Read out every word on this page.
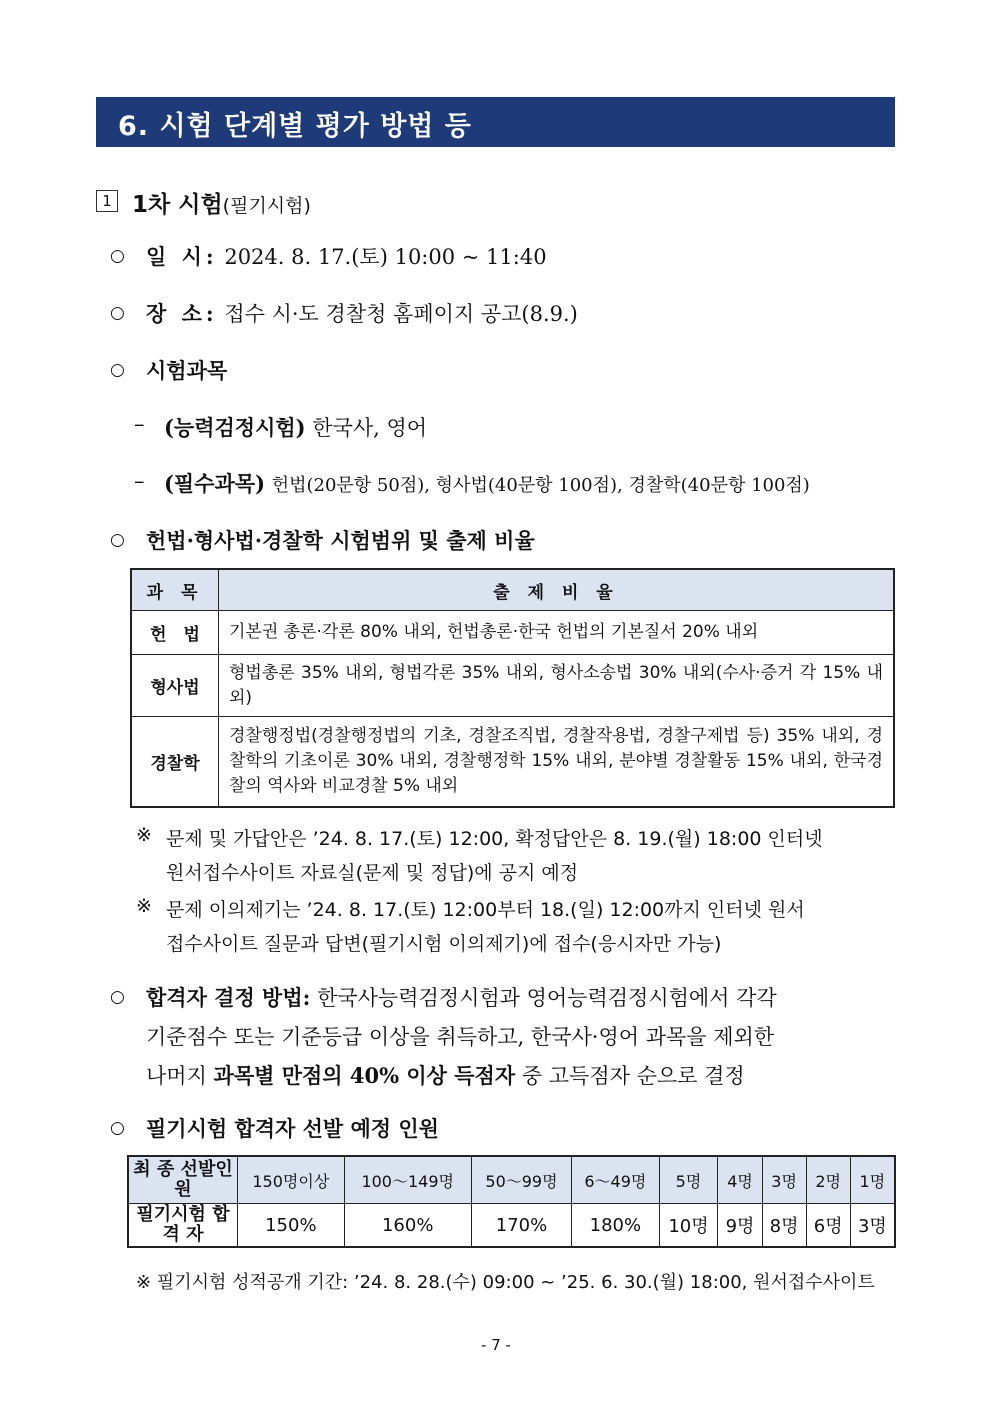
6. 시험 단계별 평가 방법 등
1 1차 시험(필기시험)
○ 일 시: 2024. 8. 17.(토) 10:00 ~ 11:40
○ 장 소: 접수 시·도 경찰청 홈페이지 공고(8.9.)
○ 시험과목
– (능력검정시험) 한국사, 영어
– (필수과목) 헌법(20문항 50점), 형사법(40문항 100점), 경찰학(40문항 100점)
○ 헌법·형사법·경찰학 시험범위 및 출제 비율
과 목	출 제 비 율
헌　법	기본권 총론·각론 80% 내외, 헌법총론·한국 헌법의 기본질서 20% 내외
형사법	형법총론 35% 내외, 형법각론 35% 내외, 형사소송법 30% 내외(수사·증거 각 15% 내외)
경찰학	경찰행정법(경찰행정법의 기초, 경찰조직법, 경찰작용법, 경찰구제법 등) 35% 내외, 경찰학의 기초이론 30% 내외, 경찰행정학 15% 내외, 분야별 경찰활동 15% 내외, 한국경찰의 역사와 비교경찰 5% 내외
※ 문제 및 가답안은 ’24. 8. 17.(토) 12:00, 확정답안은 8. 19.(월) 18:00 인터넷
원서접수사이트 자료실(문제 및 정답)에 공지 예정
※ 문제 이의제기는 ’24. 8. 17.(토) 12:00부터 18.(일) 12:00까지 인터넷 원서
접수사이트 질문과 답변(필기시험 이의제기)에 접수(응시자만 가능)
○ 합격자 결정 방법: 한국사능력검정시험과 영어능력검정시험에서 각각
기준점수 또는 기준등급 이상을 취득하고, 한국사·영어 과목을 제외한
나머지 과목별 만점의 40% 이상 득점자 중 고득점자 순으로 결정
○ 필기시험 합격자 선발 예정 인원
최 종 선발인원	150명이상	100～149명	50～99명	6～49명	5명	4명	3명	2명	1명
필기시험 합 격 자	150%	160%	170%	180%	10명	9명	8명	6명	3명
※ 필기시험 성적공개 기간: ’24. 8. 28.(수) 09:00 ~ ’25. 6. 30.(월) 18:00, 원서접수사이트
- 7 -
